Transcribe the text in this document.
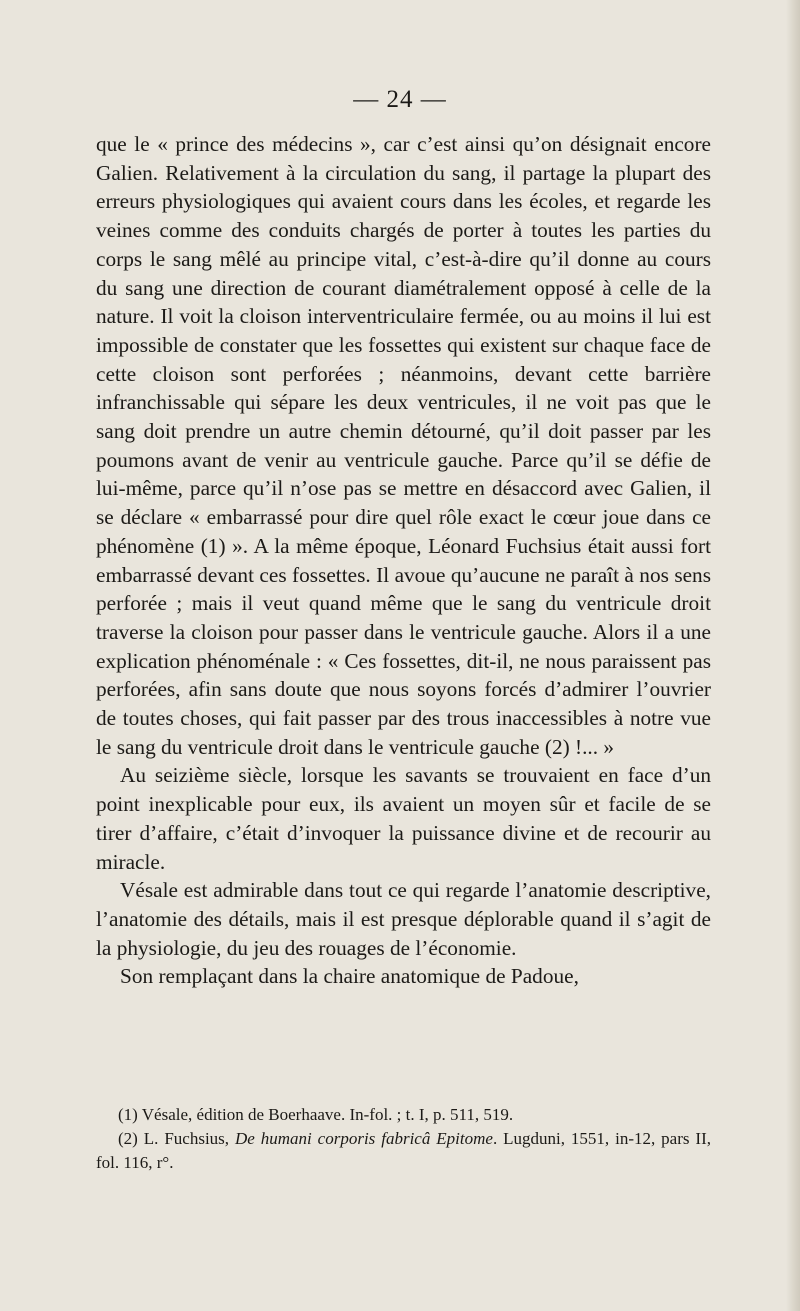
— 24 —

que le « prince des médecins », car c’est ainsi qu’on désignait encore Galien. Relativement à la circulation du sang, il partage la plupart des erreurs physiologiques qui avaient cours dans les écoles, et regarde les veines comme des conduits chargés de porter à toutes les parties du corps le sang mêlé au principe vital, c’est-à-dire qu’il donne au cours du sang une direction de courant diamétralement opposé à celle de la nature. Il voit la cloison interventriculaire fermée, ou au moins il lui est impossible de constater que les fossettes qui existent sur chaque face de cette cloison sont perforées ; néanmoins, devant cette barrière infranchissable qui sépare les deux ventricules, il ne voit pas que le sang doit prendre un autre chemin détourné, qu’il doit passer par les poumons avant de venir au ventricule gauche. Parce qu’il se défie de lui-même, parce qu’il n’ose pas se mettre en désaccord avec Galien, il se déclare « embarrassé pour dire quel rôle exact le cœur joue dans ce phénomène (1) ». A la même époque, Léonard Fuchsius était aussi fort embarrassé devant ces fossettes. Il avoue qu’aucune ne paraît à nos sens perforée ; mais il veut quand même que le sang du ventricule droit traverse la cloison pour passer dans le ventricule gauche. Alors il a une explication phénoménale : « Ces fossettes, dit-il, ne nous paraissent pas perforées, afin sans doute que nous soyons forcés d’admirer l’ouvrier de toutes choses, qui fait passer par des trous inaccessibles à notre vue le sang du ventricule droit dans le ventricule gauche (2) !... »

Au seizième siècle, lorsque les savants se trouvaient en face d’un point inexplicable pour eux, ils avaient un moyen sûr et facile de se tirer d’affaire, c’était d’invoquer la puissance divine et de recourir au miracle.

Vésale est admirable dans tout ce qui regarde l’anatomie descriptive, l’anatomie des détails, mais il est presque déplorable quand il s’agit de la physiologie, du jeu des rouages de l’économie.

Son remplaçant dans la chaire anatomique de Padoue,

(1) Vésale, édition de Boerhaave. In-fol. ; t. I, p. 511, 519.

(2) L. Fuchsius, De humani corporis fabricâ Epitome. Lugduni, 1551, in-12, pars II, fol. 116, r°.
